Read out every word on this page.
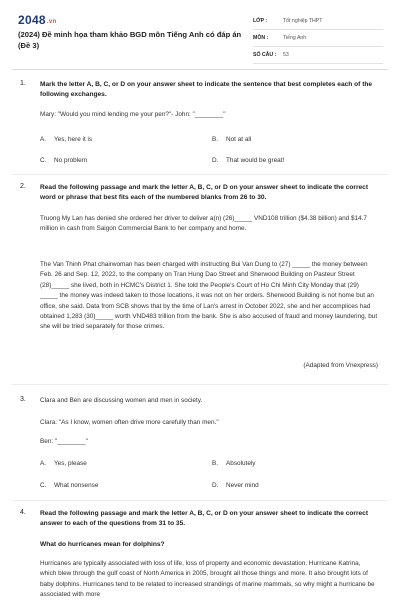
2048.vn
(2024) Đề minh họa tham khảo BGD môn Tiếng Anh có đáp án (Đề 3)
LỚP :	Tốt nghiệp THPT
MÔN :	Tiếng Anh
SỐ CÂU :	53
1. Mark the letter A, B, C, or D on your answer sheet to indicate the sentence that best completes each of the following exchanges.
Mary: "Would you mind lending me your pen?"- John: "________"
A. Yes, here it is	B. Not at all
C. No problem	D. That would be great!
2. Read the following passage and mark the letter A, B, C, or D on your answer sheet to indicate the correct word or phrase that best fits each of the numbered blanks from 26 to 30.
Truong My Lan has denied she ordered her driver to deliver a(n) (26)_____ VND108 trillion ($4.38 billion) and $14.7 million in cash from Saigon Commercial Bank to her company and home.
The Van Thinh Phat chairwoman has been charged with instructing Bui Van Dung to (27) _____ the money between Feb. 26 and Sep. 12, 2022, to the company on Tran Hung Dao Street and Sherwood Building on Pasteur Street (28)_____ she lived, both in HCMC's District 1. She told the People's Court of Ho Chi Minh City Monday that (29) _____ the money was indeed taken to those locations, it was not on her orders. Sherwood Building is not home but an office, she said. Data from SCB shows that by the time of Lan's arrest in October 2022, she and her accomplices had obtained 1,283 (30)_____ worth VND483 trillion from the bank. She is also accused of fraud and money laundering, but she will be tried separately for those crimes.
(Adapted from Vnexpress)
3. Clara and Ben are discussing women and men in society.
Clara: "As I know, women often drive more carefully than men."
Ben: "________"
A. Yes, please	B. Absolutely
C. What nonsense	D. Never mind
4. Read the following passage and mark the letter A, B, C, or D on your answer sheet to indicate the correct answer to each of the questions from 31 to 35.
What do hurricanes mean for dolphins?
Hurricanes are typically associated with loss of life, loss of property and economic devastation. Hurricane Katrina, which blew through the gulf coast of North America in 2005, brought all those things and more. It also brought lots of baby dolphins. Hurricanes tend to be related to increased strandings of marine mammals, so why might a hurricane be associated with more
